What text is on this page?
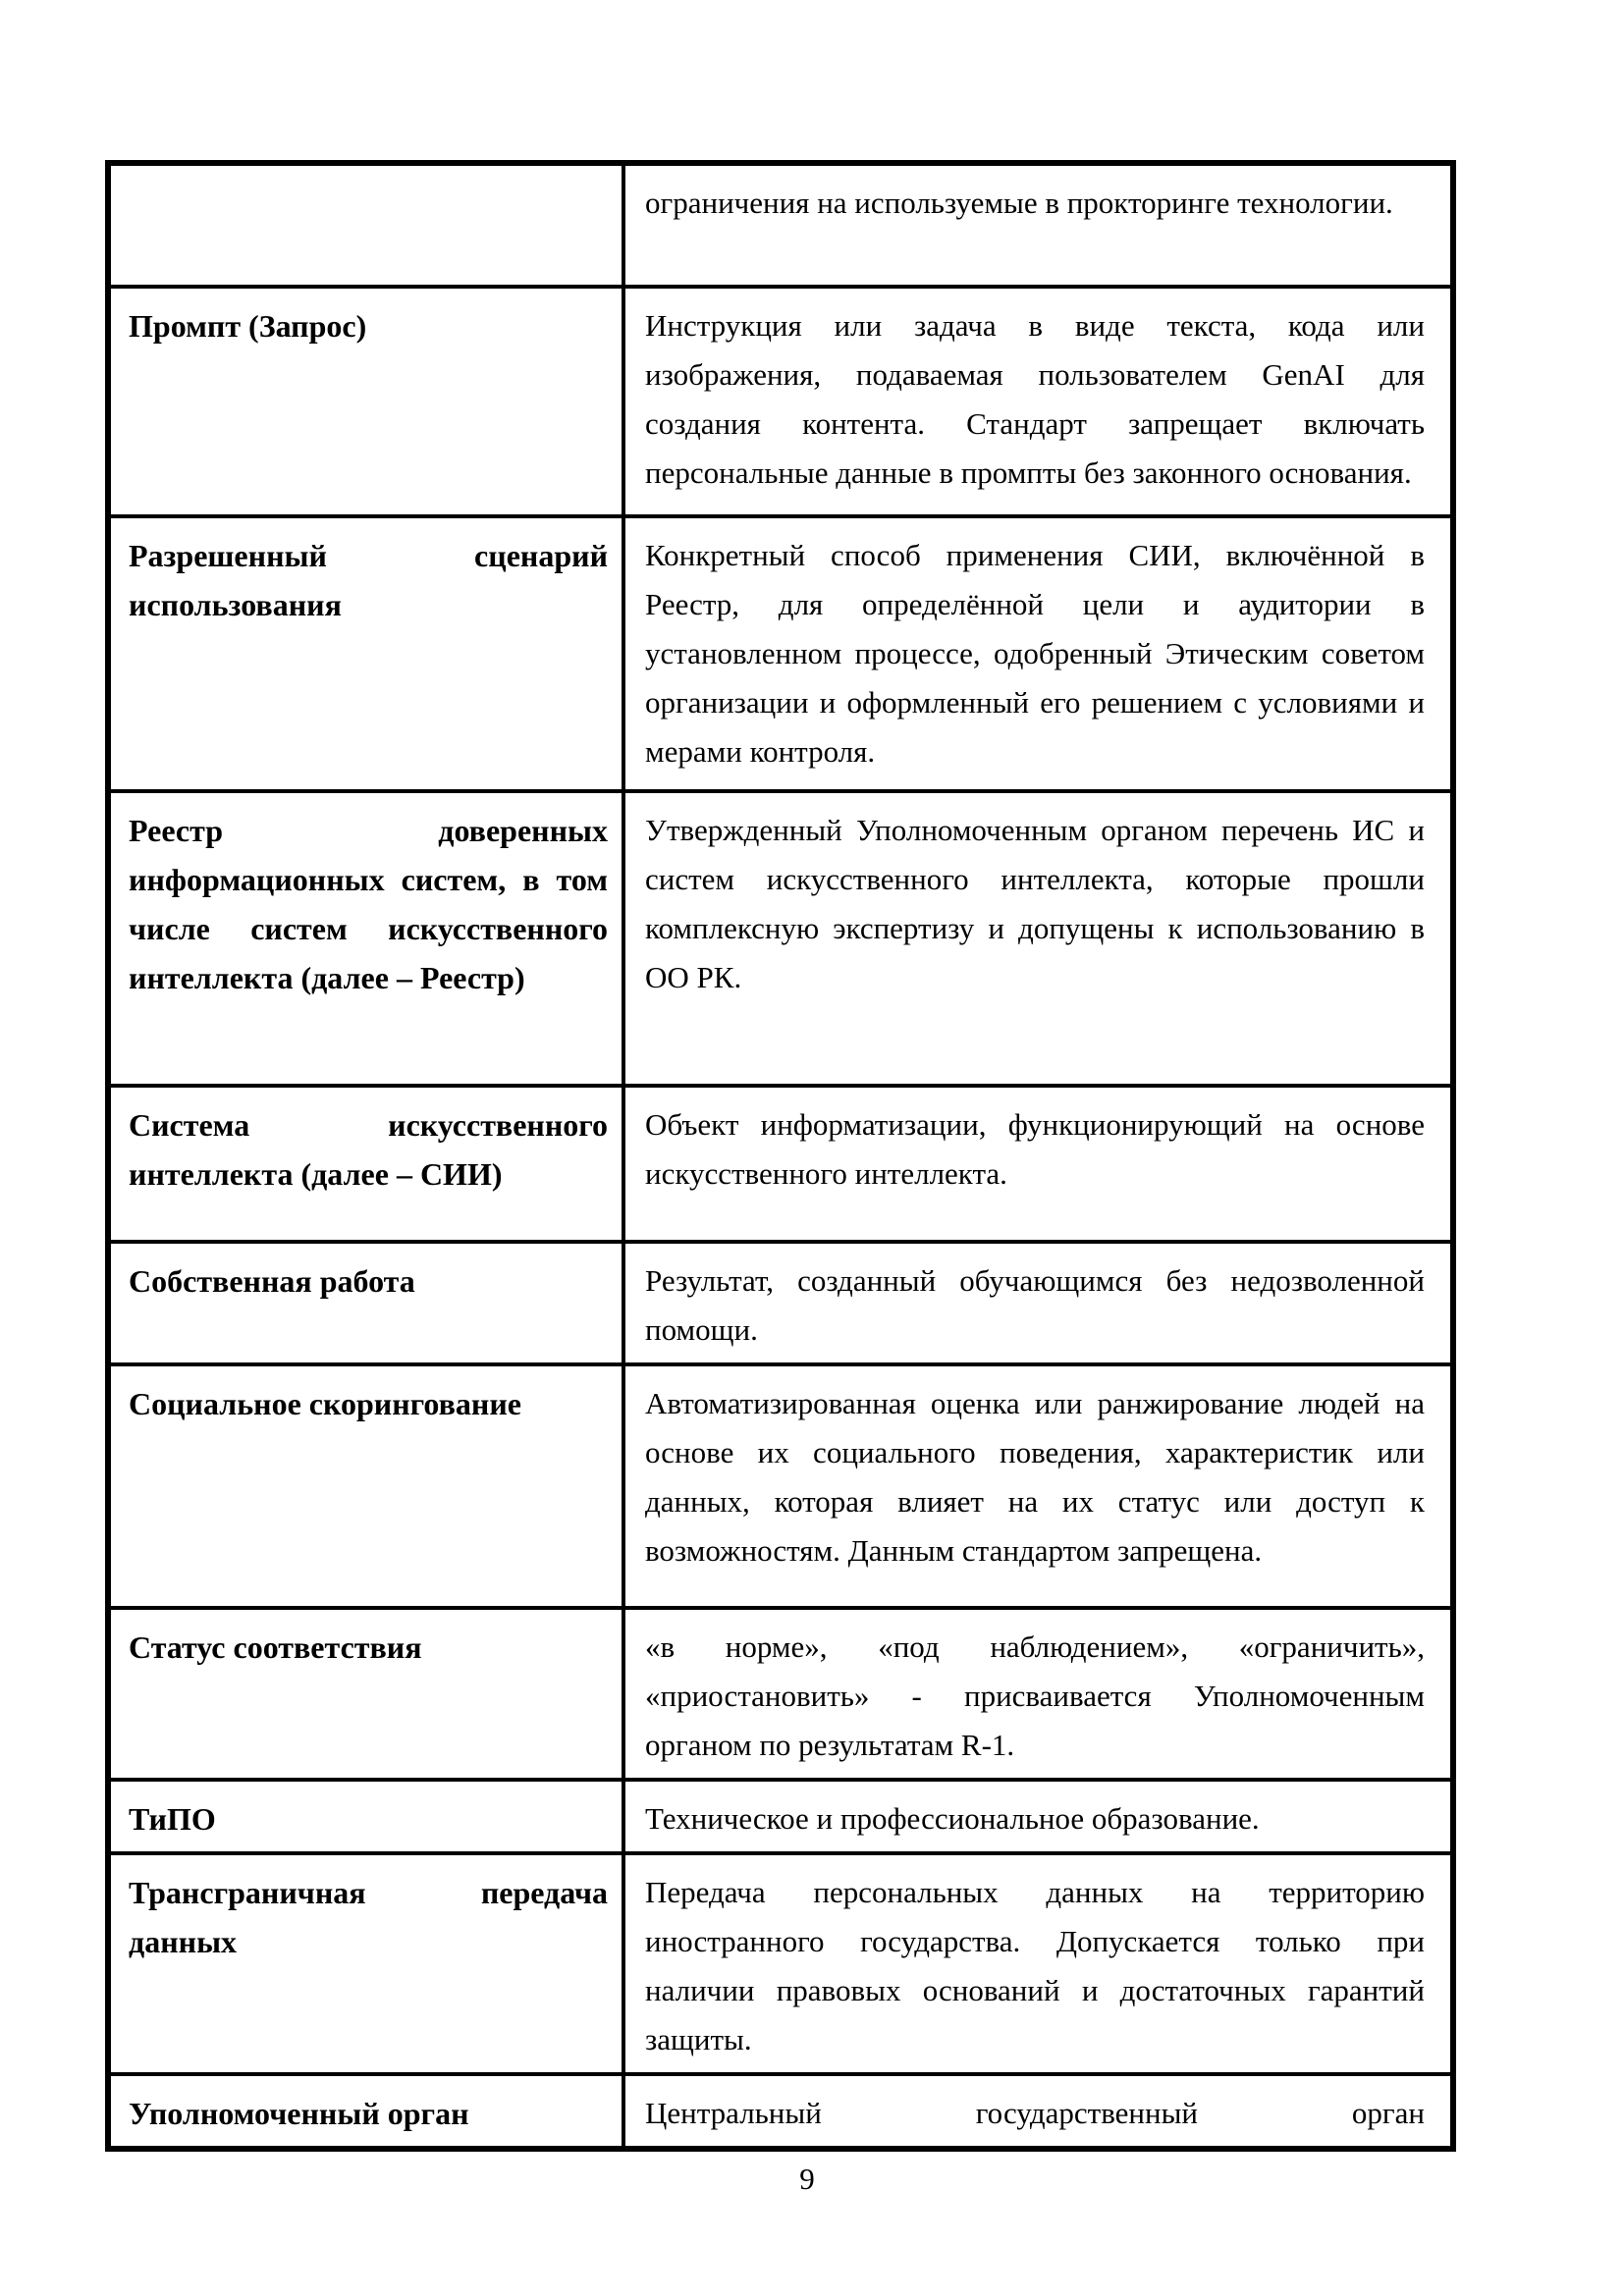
	ограничения на используемые в прокторинге технологии.
Промпт (Запрос)	Инструкция или задача в виде текста, кода или изображения, подаваемая пользователем GenAI для создания контента. Стандарт запрещает включать персональные данные в промпты без законного основания.
Разрешенный сценарий использования	Конкретный способ применения СИИ, включённой в Реестр, для определённой цели и аудитории в установленном процессе, одобренный Этическим советом организации и оформленный его решением с условиями и мерами контроля.
Реестр доверенных информационных систем, в том числе систем искусственного интеллекта (далее – Реестр)	Утвержденный Уполномоченным органом перечень ИС и систем искусственного интеллекта, которые прошли комплексную экспертизу и допущены к использованию в ОО РК.
Система искусственного интеллекта (далее – СИИ)	Объект информатизации, функционирующий на основе искусственного интеллекта.
Собственная работа	Результат, созданный обучающимся без недозволенной помощи.
Социальное скорингование	Автоматизированная оценка или ранжирование людей на основе их социального поведения, характеристик или данных, которая влияет на их статус или доступ к возможностям. Данным стандартом запрещена.
Статус соответствия	«в норме», «под наблюдением», «ограничить», «приостановить» - присваивается Уполномоченным органом по результатам R-1.
ТиПО	Техническое и профессиональное образование.
Трансграничная передача данных	Передача персональных данных на территорию иностранного государства. Допускается только при наличии правовых оснований и достаточных гарантий защиты.
Уполномоченный орган	Центральный государственный орган
9
